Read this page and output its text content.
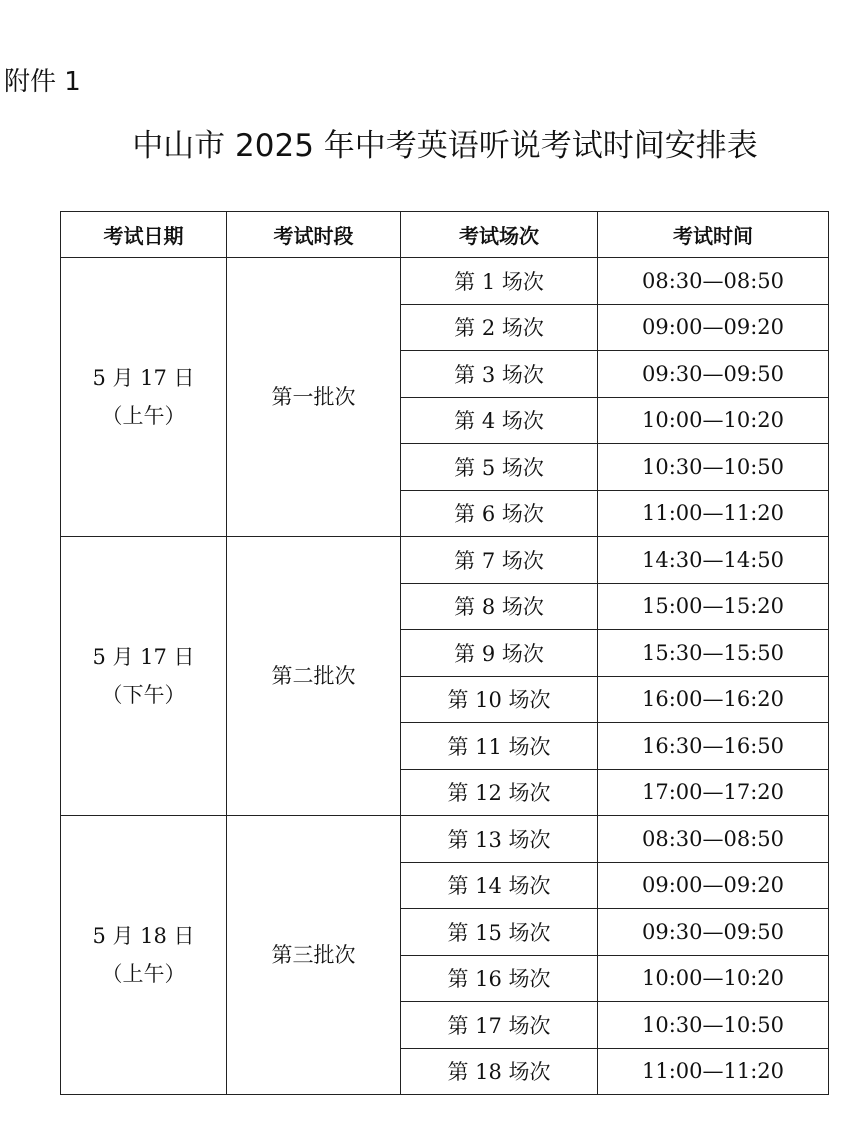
附件 1
中山市 2025 年中考英语听说考试时间安排表
考试日期	考试时段	考试场次	考试时间

5 月 17 日
（上午）	第一批次	第 1 场次	08:30—08:50
		第 2 场次	09:00—09:20
		第 3 场次	09:30—09:50
		第 4 场次	10:00—10:20
		第 5 场次	10:30—10:50
		第 6 场次	11:00—11:20

5 月 17 日
（下午）	第二批次	第 7 场次	14:30—14:50
		第 8 场次	15:00—15:20
		第 9 场次	15:30—15:50
		第 10 场次	16:00—16:20
		第 11 场次	16:30—16:50
		第 12 场次	17:00—17:20

5 月 18 日
（上午）	第三批次	第 13 场次	08:30—08:50
		第 14 场次	09:00—09:20
		第 15 场次	09:30—09:50
		第 16 场次	10:00—10:20
		第 17 场次	10:30—10:50
		第 18 场次	11:00—11:20
